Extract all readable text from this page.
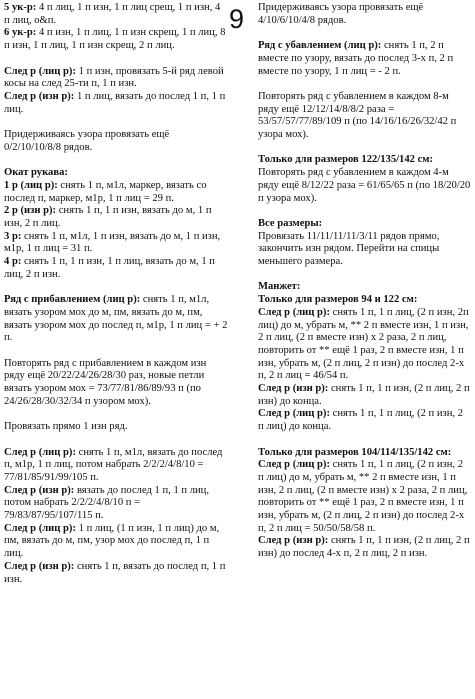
9

5 ук-р: 4 п лиц, 1 п изн, 1 п лиц срещ, 1 п изн, 4 п лиц, о&п.

6 ук-р: 4 п изн, 1 п лиц, 1 п изн скрещ, 1 п лиц, 8 п изн, 1 п лиц, 1 п изн скрещ, 2 п лиц.

След р (лиц р): 1 п изн, провязать 5-й ряд левой косы на след 25-ти п, 1 п изн.

След р (изн р): 1 п лиц, вязать до послед 1 п, 1 п лиц.

Придерживаясь узора провязать ещё 0/2/10/10/8/8 рядов.

Окат рукава:

1 р (лиц р): снять 1 п, м1л, маркер, вязать со послед п, маркер, м1р, 1 п лиц = 29 п.

2 р (изн р): снять 1 п, 1 п изн, вязать до м, 1 п изн, 2 п лиц.

3 р: снять 1 п, м1л, 1 п изн, вязать до м, 1 п изн, м1р, 1 п лиц = 31 п.

4 р: снять 1 п, 1 п изн, 1 п лиц, вязать до м, 1 п лиц, 2 п изн.

Ряд с прибавлением (лиц р): снять 1 п, м1л, вязать узором мох до м, пм, вязать до м, пм, вязать узором мох до послед п, м1р, 1 п лиц = + 2 п.

Повторять ряд с прибавлением в каждом изн ряду ещё 20/22/24/26/28/30 раз, новые петли вязать узором мох = 73/77/81/86/89/93 п (по 24/26/28/30/32/34 п узором мох).

Провязать прямо 1 изн ряд.

След р (лиц р): снять 1 п, м1л, вязать до послед п, м1р, 1 п лиц, потом набрать 2/2/2/4/8/10 = 77/81/85/91/99/105 п.

След р (изн р): вязать до послед 1 п, 1 п лиц, потом набрать 2/2/2/4/8/10 п = 79/83/87/95/107/115 п.

След р (лиц р): 1 п лиц, (1 п изн, 1 п лиц) до м, пм, вязать до м, пм, узор мох до послед п, 1 п лиц.

След р (изн р): снять 1 п, вязать до послед п, 1 п изн.

Придерживаясь узора провязать ещё 4/10/6/10/4/8 рядов.

Ряд с убавлением (лиц р): снять 1 п, 2 п вместе по узору, вязать до послед 3-х п, 2 п вместе по узору, 1 п лиц = - 2 п.

Повторять ряд с убавлением в каждом 8-м ряду ещё 12/12/14/8/8/2 раза = 53/57/57/77/89/109 п (по 14/16/16/26/32/42 п узора мох).

Только для размеров 122/135/142 см: Повторять ряд с убавлением в каждом 4-м ряду ещё 8/12/22 раза = 61/65/65 п (по 18/20/20 п узора мох).

Все размеры:

Провязать 11/11/11/11/3/11 рядов прямо, закончить изн рядом. Перейти на спицы меньшего размера.

Манжет:

Только для размеров 94 и 122 см:

След р (лиц р): снять 1 п, 1 п лиц, (2 п изн, 2п лиц) до м, убрать м, ** 2 п вместе изн, 1 п изн, 2 п лиц, (2 п вместе изн) х 2 раза, 2 п лиц, повторить от ** ещё 1 раз, 2 п вместе изн, 1 п изн, убрать м, (2 п лиц, 2 п изн) до послед 2-х п, 2 п лиц = 46/54 п.

След р (изн р): снять 1 п, 1 п изн, (2 п лиц, 2 п изн) до конца.

След р (лиц р): снять 1 п, 1 п лиц, (2 п изн, 2 п лиц) до конца.

Только для размеров 104/114/135/142 см:

След р (лиц р): снять 1 п, 1 п лиц, (2 п изн, 2 п лиц) до м, убрать м, ** 2 п вместе изн, 1 п изн, 2 п лиц, (2 п вместе изн) х 2 раза, 2 п лиц, повторить от ** ещё 1 раз, 2 п вместе изн, 1 п изн, убрать м, (2 п лиц, 2 п изн) до послед 2-х п, 2 п лиц = 50/50/58/58 п.

След р (изн р): снять 1 п, 1 п изн, (2 п лиц, 2 п изн) до послед 4-х п, 2 п лиц, 2 п изн.
